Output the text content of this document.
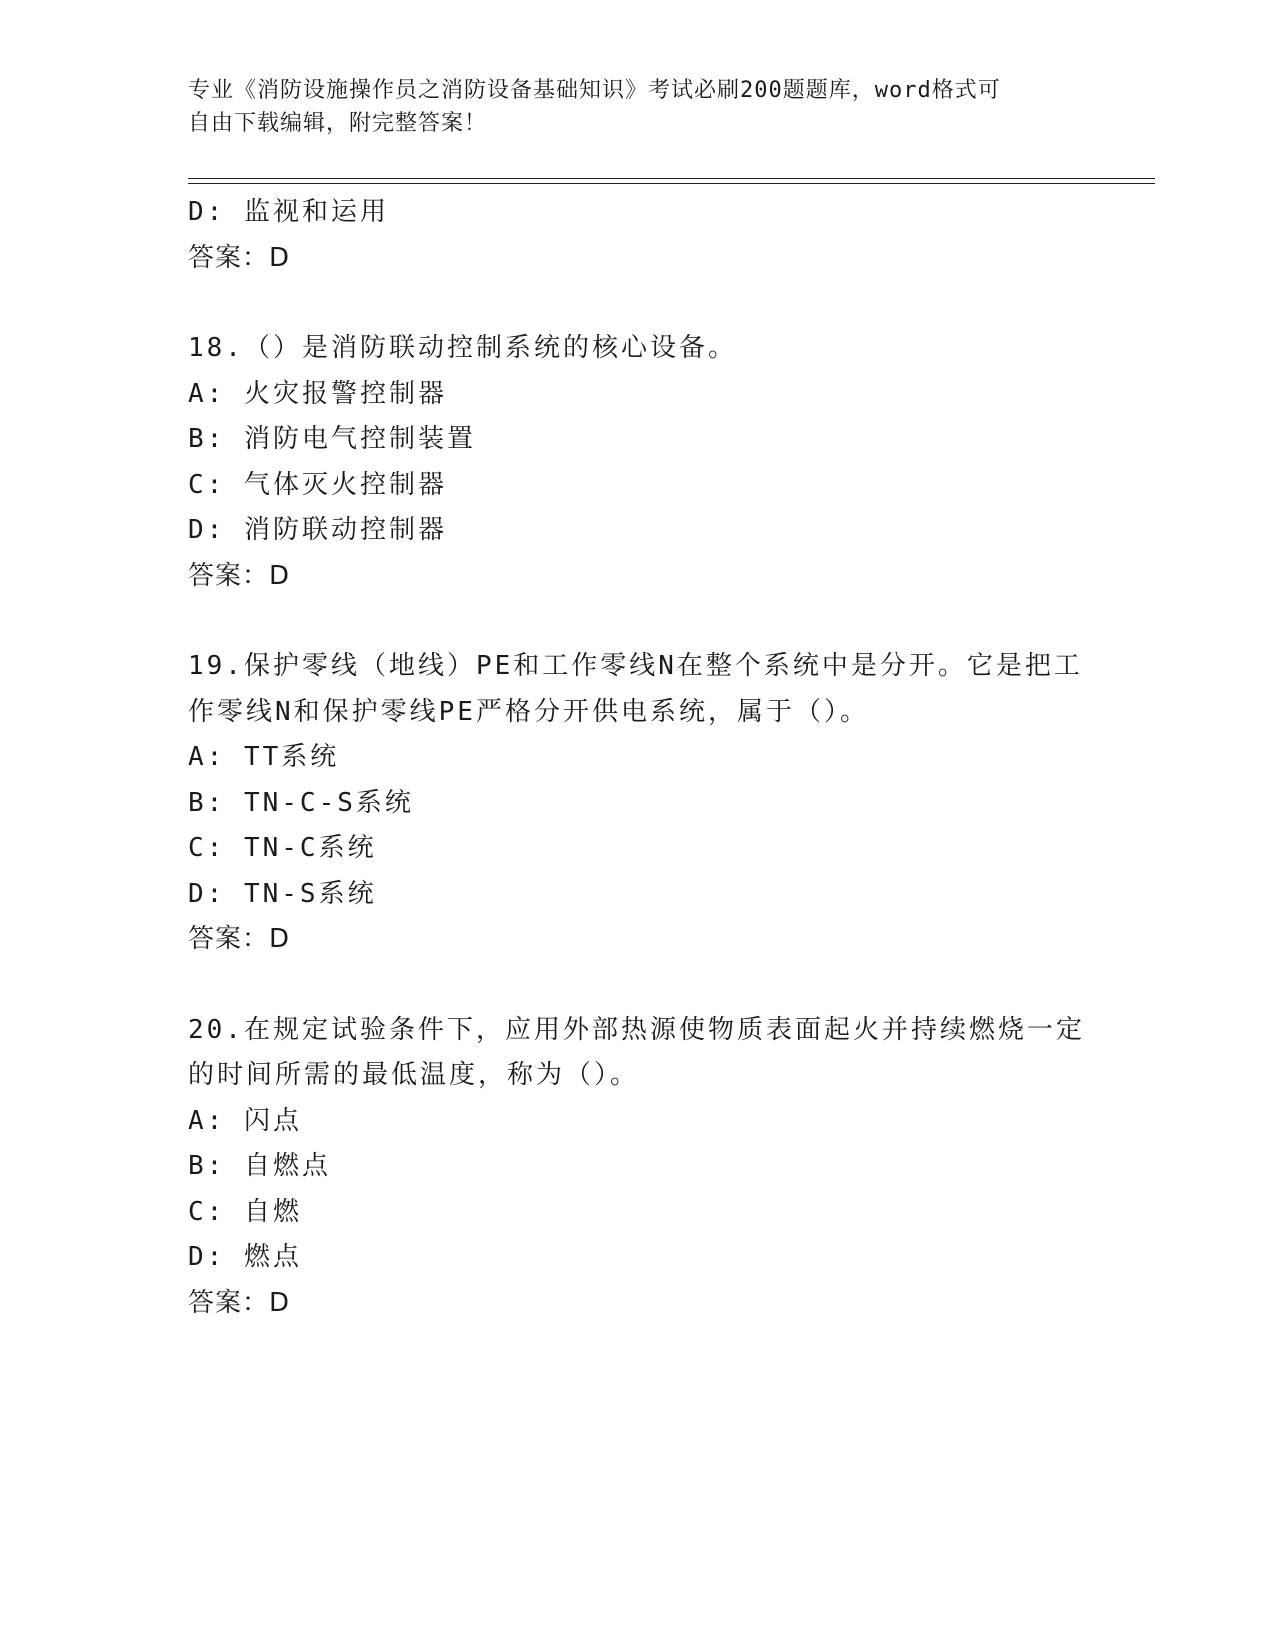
专业《消防设施操作员之消防设备基础知识》考试必刷200题题库，word格式可
自由下载编辑，附完整答案！
D: 监视和运用
答案：D
18.（）是消防联动控制系统的核心设备。
A: 火灾报警控制器
B: 消防电气控制装置
C: 气体灭火控制器
D: 消防联动控制器
答案：D
19.保护零线（地线）PE和工作零线N在整个系统中是分开。它是把工
作零线N和保护零线PE严格分开供电系统，属于（）。
A: TT系统
B: TN-C-S系统
C: TN-C系统
D: TN-S系统
答案：D
20.在规定试验条件下，应用外部热源使物质表面起火并持续燃烧一定
的时间所需的最低温度，称为（）。
A: 闪点
B: 自燃点
C: 自燃
D: 燃点
答案：D
